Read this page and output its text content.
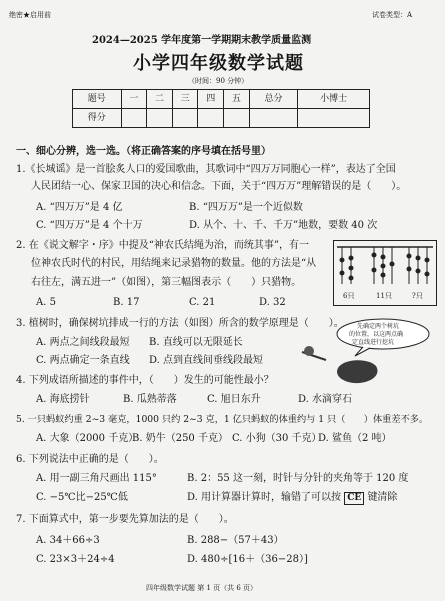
绝密★启用前	试卷类型：A
2024—2025 学年度第一学期期末教学质量监测
小学四年级数学试题
（时间：90 分钟）
题号	一	二	三	四	五	总分	小博士
得分							
一、细心分辨，选一选。（将正确答案的序号填在括号里）
1.《长城谣》是一首脍炙人口的爱国歌曲，其歌词中“四万万同胞心一样”，表达了全国
人民团结一心、保家卫国的决心和信念。下面，关于“四万万”理解错误的是（　　）。
A. “四万万”是 4 亿	B. “四万万”是一个近似数
C. “四万万”是 4 个十万	D. 从个、十、千、千万”地数，要数 40 次
2. 在《说文解字・序》中提及“神农氏结绳为治，而统其事”，有一
位神农氏时代的村民，用结绳来记录猎物的数量。他的方法是“从
右往左，满五进一”（如图），第三幅图表示（　　）只猎物。
A. 5	B. 17	C. 21	D. 32
6只	11只	?只
3. 植树时，确保树坑排成一行的方法（如图）所含的数学原理是（　　）。
A. 两点之间线段最短 B. 直线可以无限延长
C. 两点确定一条直线 D. 点到直线间垂线段最短
先确定两个树坑
的位置，以这两点确
定直线进行挖坑
4. 下列成语所描述的事件中，（　　）发生的可能性最小？
A. 海底捞针	B. 瓜熟蒂落	C. 旭日东升	D. 水滴穿石
5. 一只蚂蚁约重 2~3 毫克，1000 只约 2~3 克，1 亿只蚂蚁的体重约与 1 只（　　）体重差不多。
A. 大象（2000 千克）
B. 奶牛（250 千克） C. 小狗（30 千克）
D. 鲨鱼（2 吨）
6. 下列说法中正确的是（　　）。
A. 用一副三角尺画出 115°	B. 2：55 这一刻，时针与分针的夹角等于 120 度
C. −5℃比−25℃低	D. 用计算器计算时，输错了可以按 CE 键清除
7. 下面算式中，第一步要先算加法的是（　　）。
A. 34＋66÷3	B. 288−（57＋43）
C. 23×3＋24÷4	D. 480÷[16＋（36−28）]
四年级数学试题 第 1 页（共 6 页）
